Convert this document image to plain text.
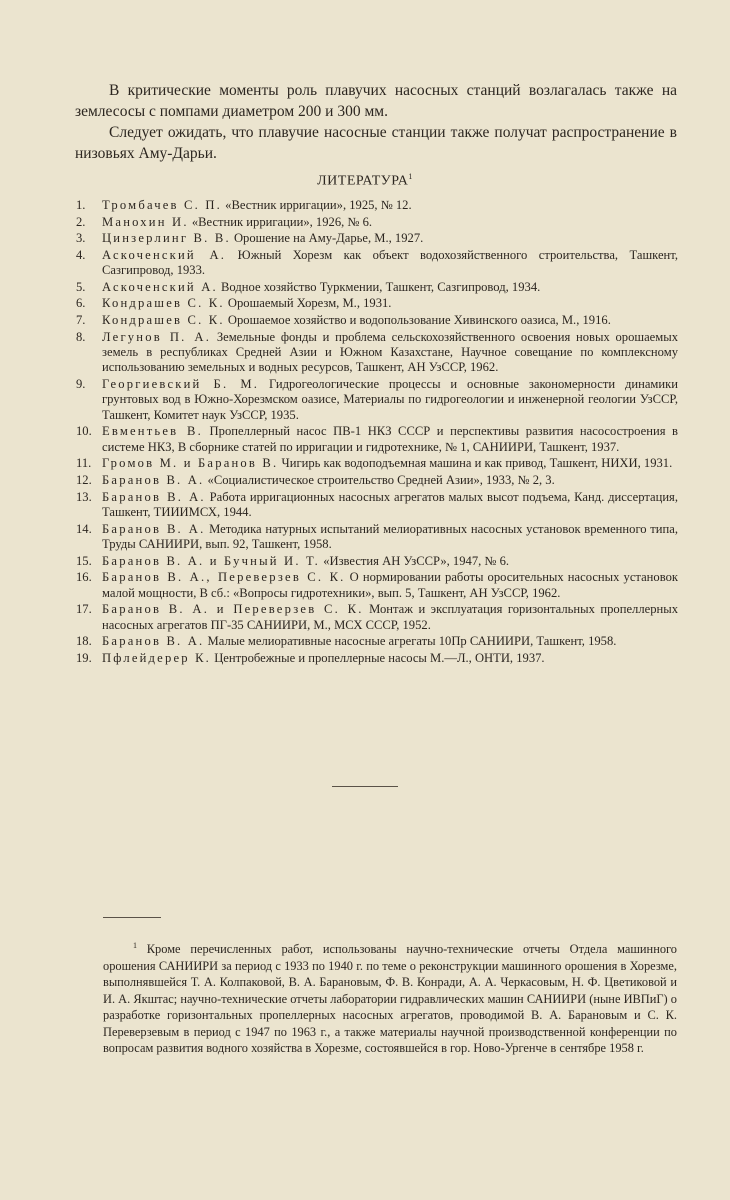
В критические моменты роль плавучих насосных станций возлагалась также на землесосы с помпами диаметром 200 и 300 мм.

Следует ожидать, что плавучие насосные станции также получат распространение в низовьях Аму-Дарьи.

ЛИТЕРАТУРА$^1$
1.	Тромбачев С. П. «Вестник ирригации», 1925, № 12.
2.	Манохин И. «Вестник ирригации», 1926, № 6.
3.	Цинзерлинг В. В. Орошение на Аму-Дарье, М., 1927.
4.	Аскоченский А. Южный Хорезм как объект водохозяйственного строительства, Ташкент, Сазгипровод, 1933.
5.	Аскоченский А. Водное хозяйство Туркмении, Ташкент, Сазгипровод, 1934.
6.	Кондрашев С. К. Орошаемый Хорезм, М., 1931.
7.	Кондрашев С. К. Орошаемое хозяйство и водопользование Хивинского оазиса, М., 1916.
8.	Легунов П. А. Земельные фонды и проблема сельскохозяйственного освоения новых орошаемых земель в республиках Средней Азии и Южном Казахстане, Научное совещание по комплексному использованию земельных и водных ресурсов, Ташкент, АН УзССР, 1962.
9.	Георгиевский Б. М. Гидрогеологические процессы и основные закономерности динамики грунтовых вод в Южно-Хорезмском оазисе, Материалы по гидрогеологии и инженерной геологии УзССР, Ташкент, Комитет наук УзССР, 1935.
10. Евментьев В. Пропеллерный насос ПВ-1 НКЗ СССР и перспективы развития насосостроения в системе НКЗ, В сборнике статей по ирригации и гидротехнике, № 1, САНИИРИ, Ташкент, 1937.
11. Громов М. и Баранов В. Чигирь как водоподъемная машина и как привод, Ташкент, НИХИ, 1931.
12. Баранов В. А. «Социалистическое строительство Средней Азии», 1933, № 2, 3.
13. Баранов В. А. Работа ирригационных насосных агрегатов малых высот подъема, Канд. диссертация, Ташкент, ТИИИМСХ, 1944.
14. Баранов В. А. Методика натурных испытаний мелиоративных насосных установок временного типа, Труды САНИИРИ, вып. 92, Ташкент, 1958.
15. Баранов В. А. и Бучный И. Т. «Известия АН УзССР», 1947, № 6.
16. Баранов В. А., Переверзев С. К. О нормировании работы оросительных насосных установок малой мощности, В сб.: «Вопросы гидротехники», вып. 5, Ташкент, АН УзССР, 1962.
17. Баранов В. А. и Переверзев С. К. Монтаж и эксплуатация горизонтальных пропеллерных насосных агрегатов ПГ-35 САНИИРИ, М., МСХ СССР, 1952.
18. Баранов В. А. Малые мелиоративные насосные агрегаты 10Пр САНИИРИ, Ташкент, 1958.
19. Пфлейдерер К. Центробежные и пропеллерные насосы М.—Л., ОНТИ, 1937.

$^1$ Кроме перечисленных работ, использованы научно-технические отчеты Отдела машинного орошения САНИИРИ за период с 1933 по 1940 г. по теме о реконструкции машинного орошения в Хорезме, выполнявшейся Т. А. Колпаковой, В. А. Барановым, Ф. В. Конради, А. А. Черкасовым, Н. Ф. Цветиковой и И. А. Якштас; научно-технические отчеты лаборатории гидравлических машин САНИИРИ (ныне ИВПиГ) о разработке горизонтальных пропеллерных насосных агрегатов, проводимой В. А. Барановым и С. К. Переверзевым в период с 1947 по 1963 г., а также материалы научной производственной конференции по вопросам развития водного хозяйства в Хорезме, состоявшейся в гор. Ново-Ургенче в сентябре 1958 г.
